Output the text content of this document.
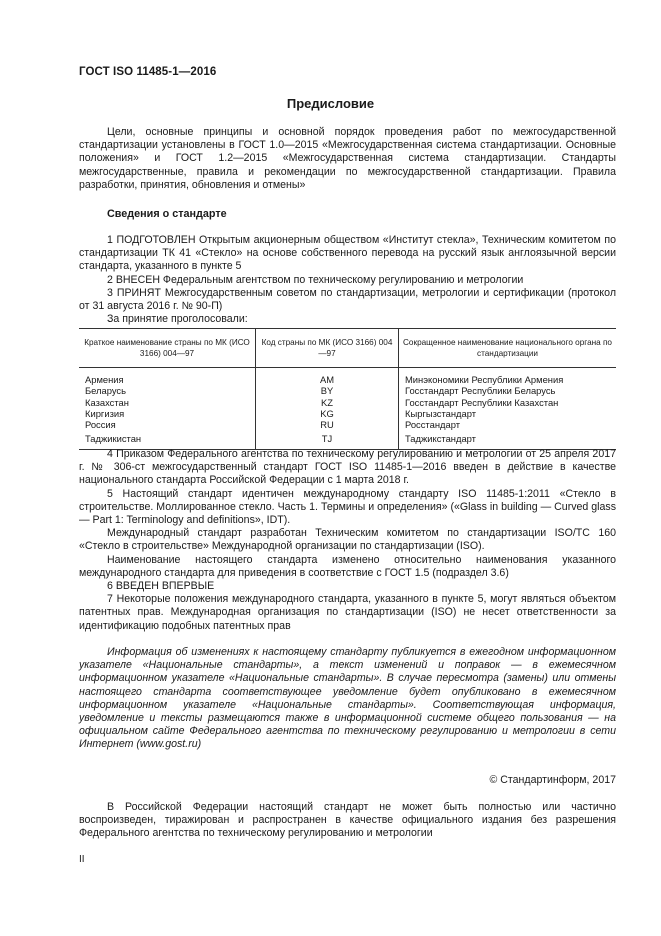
ГОСТ ISO 11485-1—2016
Предисловие

Цели, основные принципы и основной порядок проведения работ по межгосударственной стандартизации установлены в ГОСТ 1.0—2015 «Межгосударственная система стандартизации. Основные положения» и ГОСТ 1.2—2015 «Межгосударственная система стандартизации. Стандарты межгосударственные, правила и рекомендации по межгосударственной стандартизации. Правила разработки, принятия, обновления и отмены»

Сведения о стандарте

1 ПОДГОТОВЛЕН Открытым акционерным обществом «Институт стекла», Техническим комитетом по стандартизации ТК 41 «Стекло» на основе собственного перевода на русский язык англоязычной версии стандарта, указанного в пункте 5

2 ВНЕСЕН Федеральным агентством по техническому регулированию и метрологии

3 ПРИНЯТ Межгосударственным советом по стандартизации, метрологии и сертификации (протокол от 31 августа 2016 г. № 90-П)

За принятие проголосовали:

Краткое наименование страны по МК (ИСО 3166) 004—97	Код страны по МК (ИСО 3166) 004—97	Сокращенное наименование национального органа по стандартизации
Армения	AM	Минэкономики Республики Армения
Беларусь	BY	Госстандарт Республики Беларусь
Казахстан	KZ	Госстандарт Республики Казахстан
Киргизия	KG	Кыргызстандарт
Россия	RU	Росстандарт
Таджикистан	TJ	Таджикстандарт

4 Приказом Федерального агентства по техническому регулированию и метрологии от 25 апреля 2017 г. № 306-ст межгосударственный стандарт ГОСТ ISO 11485-1—2016 введен в действие в качестве национального стандарта Российской Федерации с 1 марта 2018 г.

5 Настоящий стандарт идентичен международному стандарту ISO 11485-1:2011 «Стекло в строительстве. Моллированное стекло. Часть 1. Термины и определения» («Glass in building — Curved glass — Part 1: Terminology and definitions», IDT).

Международный стандарт разработан Техническим комитетом по стандартизации ISO/TC 160 «Стекло в строительстве» Международной организации по стандартизации (ISO).

Наименование настоящего стандарта изменено относительно наименования указанного международного стандарта для приведения в соответствие с ГОСТ 1.5 (подраздел 3.6)

6 ВВЕДЕН ВПЕРВЫЕ

7 Некоторые положения международного стандарта, указанного в пункте 5, могут являться объектом патентных прав. Международная организация по стандартизации (ISO) не несет ответственности за идентификацию подобных патентных прав

Информация об изменениях к настоящему стандарту публикуется в ежегодном информационном указателе «Национальные стандарты», а текст изменений и поправок — в ежемесячном информационном указателе «Национальные стандарты». В случае пересмотра (замены) или отмены настоящего стандарта соответствующее уведомление будет опубликовано в ежемесячном информационном указателе «Национальные стандарты». Соответствующая информация, уведомление и тексты размещаются также в информационной системе общего пользования — на официальном сайте Федерального агентства по техническому регулированию и метрологии в сети Интернет (www.gost.ru)

© Стандартинформ, 2017

В Российской Федерации настоящий стандарт не может быть полностью или частично воспроизведен, тиражирован и распространен в качестве официального издания без разрешения Федерального агентства по техническому регулированию и метрологии

II
